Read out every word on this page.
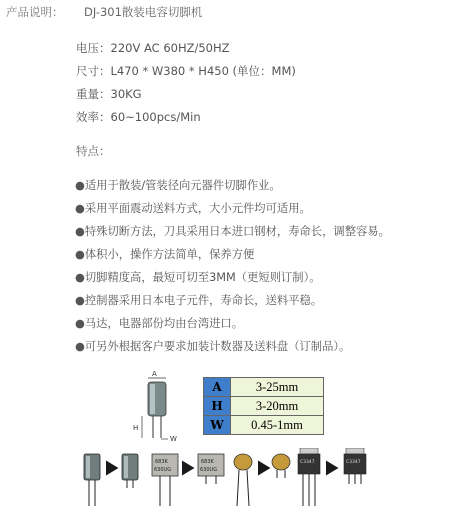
产品说明： DJ-301散装电容切脚机
电压：220V AC 60HZ/50HZ
尺寸：L470 * W380 * H450 (单位：MM)
重量：30KG
效率：60~100pcs/Min
特点：
●适用于散装/管装径向元器件切脚作业。
●采用平面震动送料方式，大小元件均可适用。
●特殊切断方法，刀具采用日本进口钢材，寿命长，调整容易。
●体积小，操作方法简单，保养方便
●切脚精度高，最短可切至3MM（更短则订制）。
●控制器采用日本电子元件，寿命长，送料平稳。
●马达，电器部份均由台湾进口。
●可另外根据客户要求加装计数器及送料盘（订制品）。
A
H
W
A	3-25mm
H	3-20mm
W	0.45-1mm
683K
630UG
683K
630UG
C3347	C3347
